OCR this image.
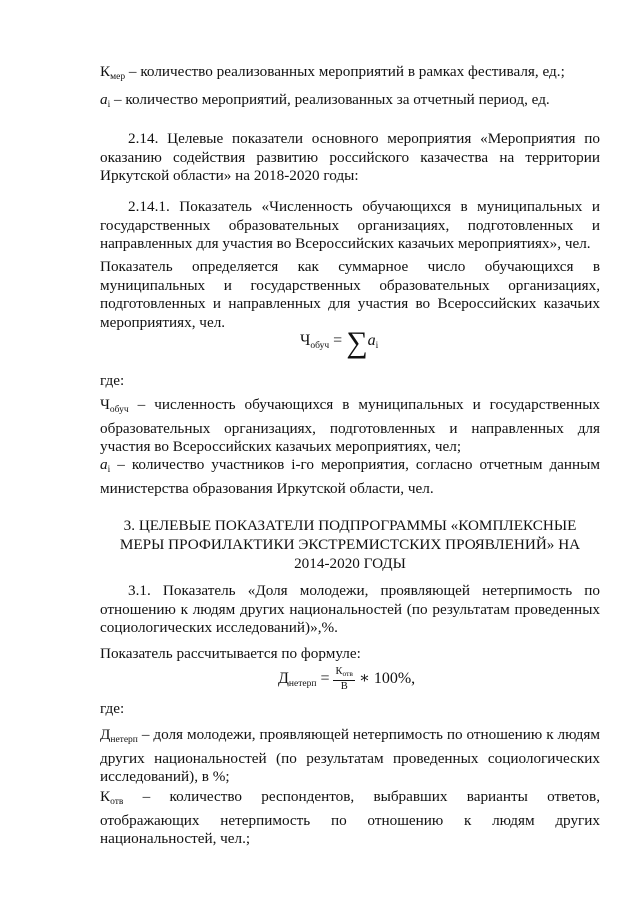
$К_{мер}$ – количество реализованных мероприятий в рамках фестиваля, ед.;

$a_i$ – количество мероприятий, реализованных за отчетный период, ед.

2.14. Целевые показатели основного мероприятия «Мероприятия по оказанию содействия развитию российского казачества на территории Иркутской области» на 2018-2020 годы:

2.14.1. Показатель «Численность обучающихся в муниципальных и государственных образовательных организациях, подготовленных и направленных для участия во Всероссийских казачьих мероприятиях», чел.

Показатель определяется как суммарное число обучающихся в муниципальных и государственных образовательных организациях, подготовленных и направленных для участия во Всероссийских казачьих мероприятиях, чел.

$Ч_{обуч} = \sum a_i$

где:

$Ч_{обуч}$ – численность обучающихся в муниципальных и государственных образовательных организациях, подготовленных и направленных для участия во Всероссийских казачьих мероприятиях, чел;

$a_i$ – количество участников i-го мероприятия, согласно отчетным данным министерства образования Иркутской области, чел.

3. ЦЕЛЕВЫЕ ПОКАЗАТЕЛИ ПОДПРОГРАММЫ «КОМПЛЕКСНЫЕ
МЕРЫ ПРОФИЛАКТИКИ ЭКСТРЕМИСТСКИХ ПРОЯВЛЕНИЙ» НА
2014-2020 ГОДЫ

3.1. Показатель «Доля молодежи, проявляющей нетерпимость по отношению к людям других национальностей (по результатам проведенных социологических исследований)»,%.

Показатель рассчитывается по формуле:

$Д_{нетерп} = \frac{К_{отв}}{В}$ ∗ 100%,

где:

$Д_{нетерп}$ – доля молодежи, проявляющей нетерпимость по отношению к людям других национальностей (по результатам проведенных социологических исследований), в %;

$К_{отв}$ – количество респондентов, выбравших варианты ответов, отображающих нетерпимость по отношению к людям других национальностей, чел.;
